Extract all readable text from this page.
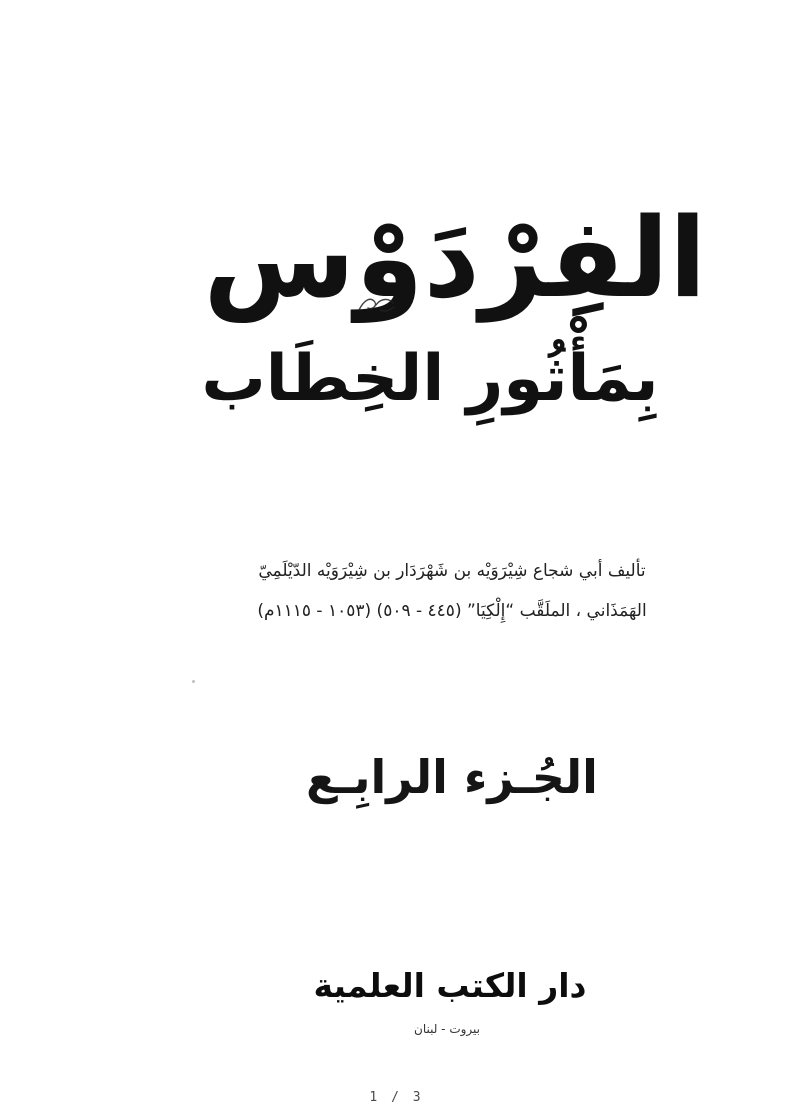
الفِرْدَوْس
بِمَأْثُورِ الخِطَاب
تأليف أبي شجاع شِيْرَوَيْه بن شَهْرَدَار بن شِيْرَوَيْه الدّيْلَمِيّ
الهَمَذَاني ، الملَقَّب “إِلْكِيَا” (٤٤٥ - ٥٠٩) (١٠٥٣ - ١١١٥م)
الجُـزء الرابِـع
دار الكتب العلمية
بيروت - لبنان
1 / 3
